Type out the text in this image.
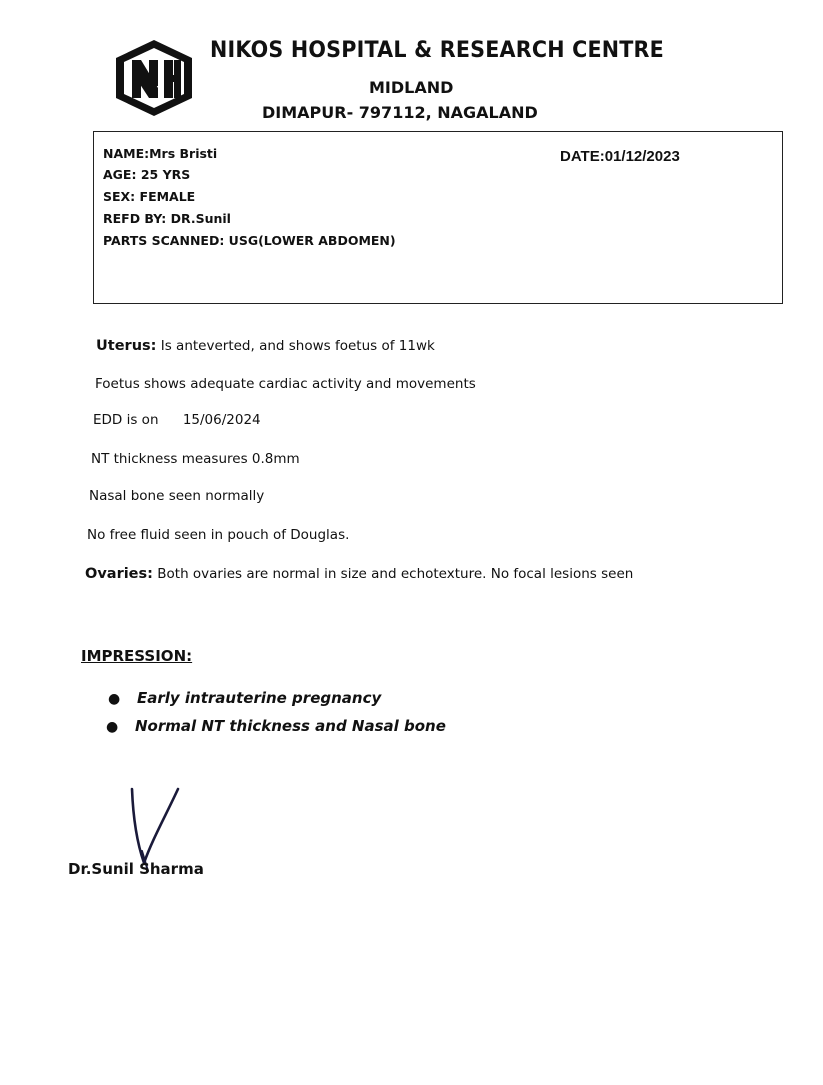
NIKOS HOSPITAL & RESEARCH CENTRE
MIDLAND
DIMAPUR- 797112, NAGALAND
NAME:Mrs Bristi
AGE: 25 YRS
SEX: FEMALE
REFD BY: DR.Sunil
PARTS SCANNED: USG(LOWER ABDOMEN)
DATE:01/12/2023
Uterus: Is anteverted, and shows foetus of 11wk
Foetus shows adequate cardiac activity and movements
EDD is on 15/06/2024
NT thickness measures 0.8mm
Nasal bone seen normally
No free fluid seen in pouch of Douglas.
Ovaries: Both ovaries are normal in size and echotexture. No focal lesions seen
IMPRESSION:
● Early intrauterine pregnancy
● Normal NT thickness and Nasal bone
Dr.Sunil Sharma
